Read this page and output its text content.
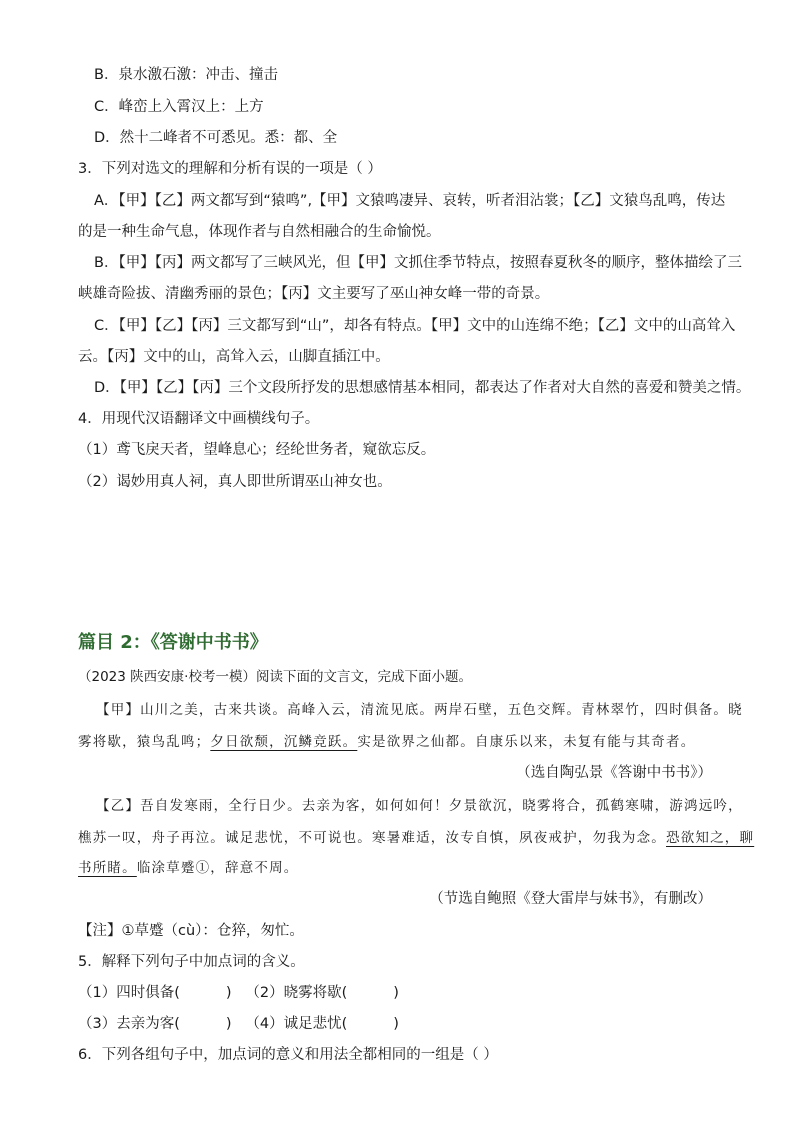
B．泉水激石激：冲击、撞击
C．峰峦上入霄汉上：上方
D．然十二峰者不可悉见。悉：都、全
3．下列对选文的理解和分析有误的一项是（ ）
A．【甲】【乙】两文都写到“猿鸣”,【甲】文猿鸣凄异、哀转，听者泪沾裳；【乙】文猿鸟乱鸣，传达
的是一种生命气息，体现作者与自然相融合的生命愉悦。
B．【甲】【丙】两文都写了三峡风光，但【甲】文抓住季节特点，按照春夏秋冬的顺序，整体描绘了三
峡雄奇险拔、清幽秀丽的景色；【丙】文主要写了巫山神女峰一带的奇景。
C．【甲】【乙】【丙】三文都写到“山”，却各有特点。【甲】文中的山连绵不绝；【乙】文中的山高耸入
云。【丙】文中的山，高耸入云，山脚直插江中。
D．【甲】【乙】【丙】三个文段所抒发的思想感情基本相同，都表达了作者对大自然的喜爱和赞美之情。
4．用现代汉语翻译文中画横线句子。
（1）鸢飞戾天者，望峰息心；经纶世务者，窥欲忘反。
（2）谒妙用真人祠，真人即世所谓巫山神女也。
篇目 2：《答谢中书书》
（2023 陕西安康·校考一模）阅读下面的文言文，完成下面小题。
【甲】山川之美，古来共谈。高峰入云，清流见底。两岸石壁，五色交辉。青林翠竹，四时俱备。晓
雾将歇，猿鸟乱鸣；夕日欲颓，沉鳞竞跃。实是欲界之仙都。自康乐以来，未复有能与其奇者。
（选自陶弘景《答谢中书书》）
【乙】吾自发寒雨，全行日少。去亲为客，如何如何！夕景欲沉，晓雾将合，孤鹤寒啸，游鸿远吟，
樵苏一叹，舟子再泣。诚足悲忧，不可说也。寒暑难适，汝专自慎，夙夜戒护，勿我为念。恐欲知之，聊
书所睹。临涂草蹙①，辞意不周。
（节选自鲍照《登大雷岸与妹书》，有删改）
【注】①草蹙（cù）：仓猝，匆忙。
5．解释下列句子中加点词的含义。
（1）四时俱备(	) （2）晓雾将歇(	)
（3）去亲为客(	) （4）诚足悲忧(	)
6．下列各组句子中，加点词的意义和用法全都相同的一组是（ ）
